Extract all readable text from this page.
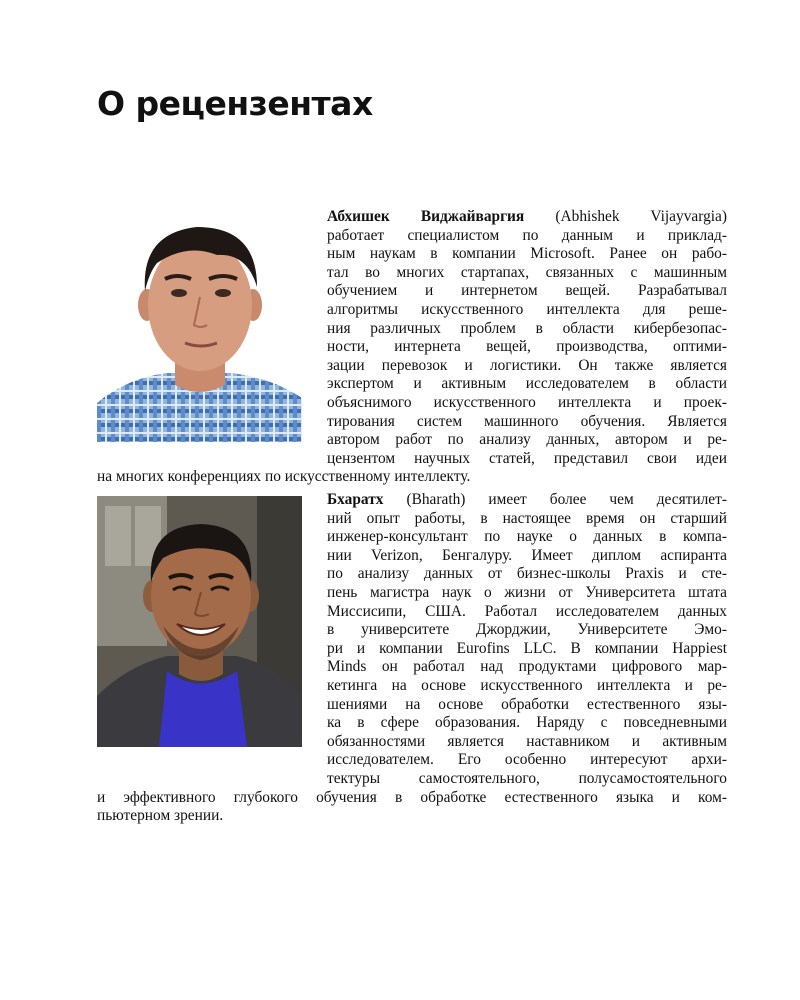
О рецензентах
Абхишек Виджайваргия (Abhishek Vijayvargia)
работает специалистом по данным и приклад-
ным наукам в компании Microsoft. Ранее он рабо-
тал во многих стартапах, связанных с машинным
обучением и интернетом вещей. Разрабатывал
алгоритмы искусственного интеллекта для реше-
ния различных проблем в области кибербезопас-
ности, интернета вещей, производства, оптими-
зации перевозок и логистики. Он также является
экспертом и активным исследователем в области
объяснимого искусственного интеллекта и проек-
тирования систем машинного обучения. Является
автором работ по анализу данных, автором и ре-
цензентом научных статей, представил свои идеи
на многих конференциях по искусственному интеллекту.
Бхаратх (Bharath) имеет более чем десятилет-
ний опыт работы, в настоящее время он старший
инженер-консультант по науке о данных в компа-
нии Verizon, Бенгалуру. Имеет диплом аспиранта
по анализу данных от бизнес-школы Praxis и сте-
пень магистра наук о жизни от Университета штата
Миссисипи, США. Работал исследователем данных
в университете Джорджии, Университете Эмо-
ри и компании Eurofins LLC. В компании Happiest
Minds он работал над продуктами цифрового мар-
кетинга на основе искусственного интеллекта и ре-
шениями на основе обработки естественного язы-
ка в сфере образования. Наряду с повседневными
обязанностями является наставником и активным
исследователем. Его особенно интересуют архи-
тектуры самостоятельного, полусамостоятельного
и эффективного глубокого обучения в обработке естественного языка и ком-
пьютерном зрении.
